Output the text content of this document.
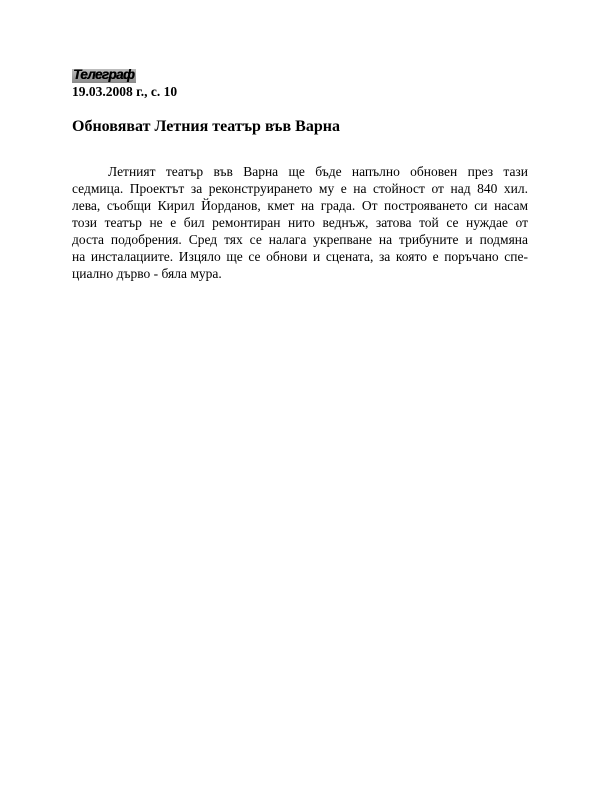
Телеграф
19.03.2008 г., с. 10
Обновяват Летния театър във Варна
Летният театър във Варна ще бъде напълно обновен през тази
седмица. Проектът за реконструирането му е на стойност от над 840 хил.
лева, съобщи Кирил Йорданов, кмет на града. От построяването си насам
този театър не е бил ремонтиран нито веднъж, затова той се нуждае от
доста подобрения. Сред тях се налага укрепване на трибуните и подмяна
на инсталациите. Изцяло ще се обнови и сцената, за която е поръчано спе-
циално дърво - бяла мура.
